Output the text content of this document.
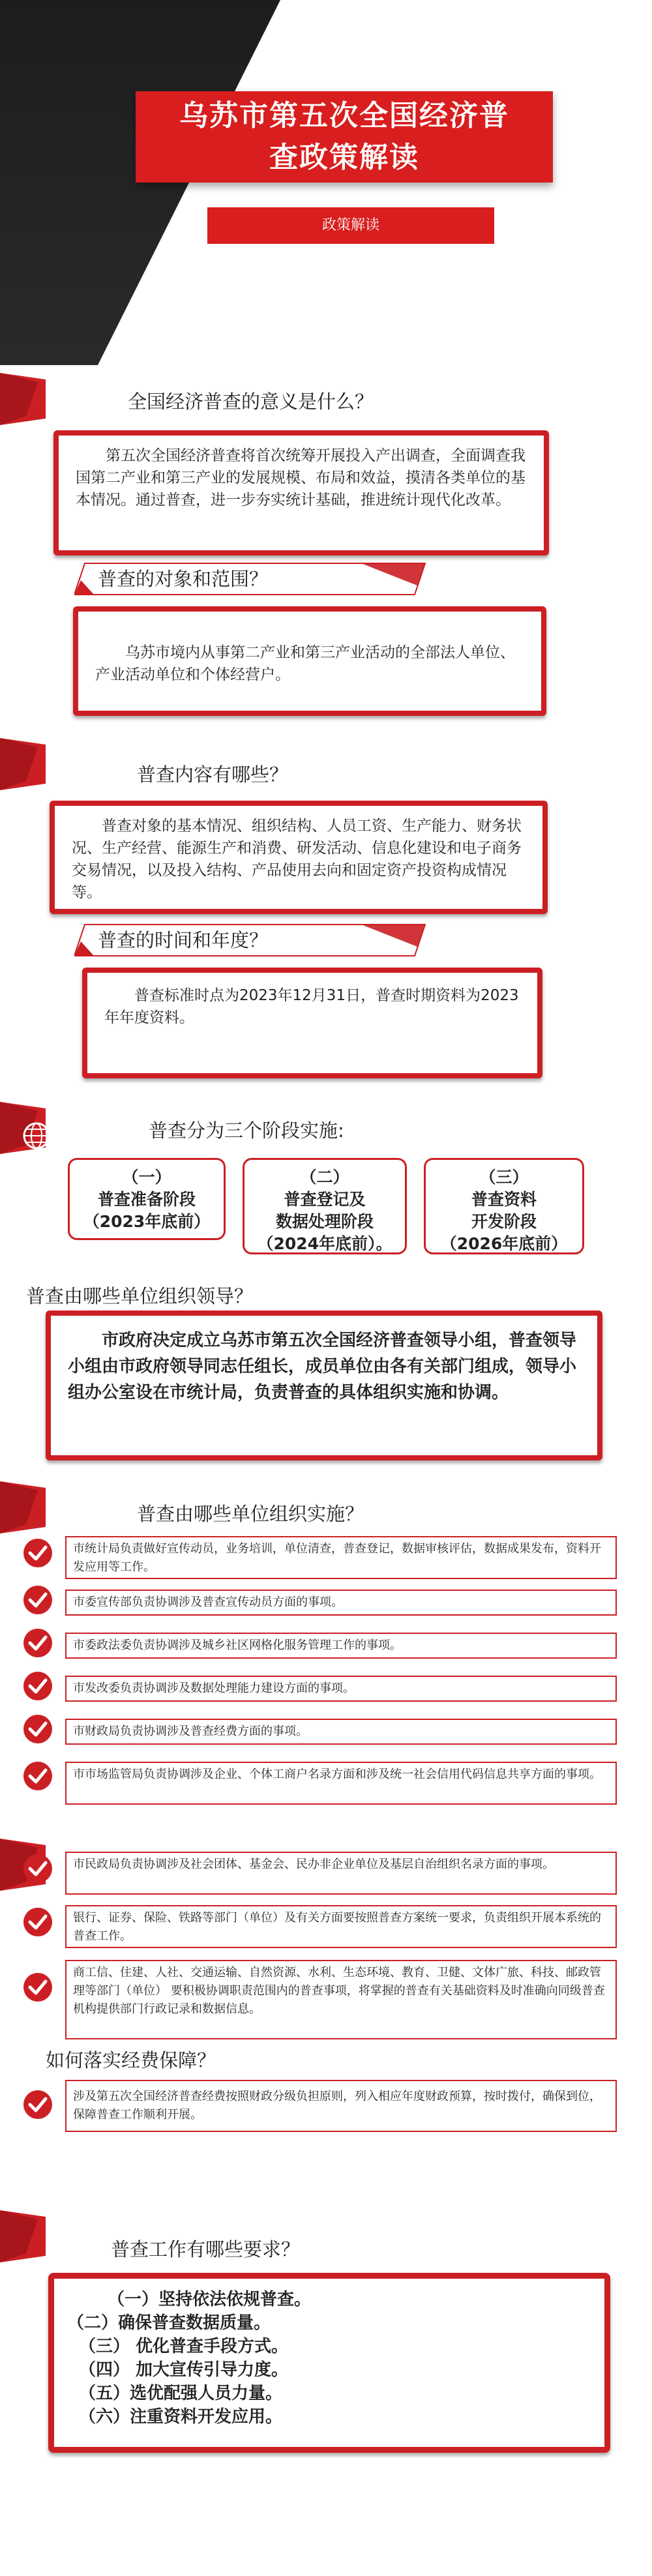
乌苏市第五次全国经济普
查政策解读
政策解读
全国经济普查的意义是什么？
第五次全国经济普查将首次统筹开展投入产出调查，全面调查我国第二产业和第三产业的发展规模、布局和效益，摸清各类单位的基本情况。通过普查，进一步夯实统计基础，推进统计现代化改革。
普查的对象和范围？
乌苏市境内从事第二产业和第三产业活动的全部法人单位、产业活动单位和个体经营户。
普查内容有哪些？
普查对象的基本情况、组织结构、人员工资、生产能力、财务状况、生产经营、能源生产和消费、研发活动、信息化建设和电子商务交易情况，以及投入结构、产品使用去向和固定资产投资构成情况等。
普查的时间和年度？
普查标准时点为2023年12月31日，普查时期资料为2023年年度资料。
普查分为三个阶段实施:
（一）
普查准备阶段
（2023年底前）
（二）
普查登记及
数据处理阶段
（2024年底前）。
（三）
普查资料
开发阶段
（2026年底前）
普查由哪些单位组织领导？
市政府决定成立乌苏市第五次全国经济普查领导小组，普查领导小组由市政府领导同志任组长，成员单位由各有关部门组成，领导小组办公室设在市统计局，负责普查的具体组织实施和协调。
普查由哪些单位组织实施？
市统计局负责做好宣传动员，业务培训，单位清查，普查登记，数据审核评估，数据成果发布，资料开发应用等工作。
市委宣传部负责协调涉及普查宣传动员方面的事项。
市委政法委负责协调涉及城乡社区网格化服务管理工作的事项。
市发改委负责协调涉及数据处理能力建设方面的事项。
市财政局负责协调涉及普查经费方面的事项。
市市场监管局负责协调涉及企业、个体工商户名录方面和涉及统一社会信用代码信息共享方面的事项。
市民政局负责协调涉及社会团体、基金会、民办非企业单位及基层自治组织名录方面的事项。
银行、证券、保险、铁路等部门（单位）及有关方面要按照普查方案统一要求，负责组织开展本系统的普查工作。
商工信、住建、人社、交通运输、自然资源、水利、生态环境、教育、卫健、文体广旅、科技、邮政管理等部门（单位） 要积极协调职责范围内的普查事项，将掌握的普查有关基础资料及时准确向同级普查机构提供部门行政记录和数据信息。
如何落实经费保障？
涉及第五次全国经济普查经费按照财政分级负担原则，列入相应年度财政预算，按时拨付，确保到位，保障普查工作顺利开展。
普查工作有哪些要求？
（一）坚持依法依规普查。
（二）确保普查数据质量。
（三） 优化普查手段方式。
（四） 加大宣传引导力度。
（五）选优配强人员力量。
（六）注重资料开发应用。
